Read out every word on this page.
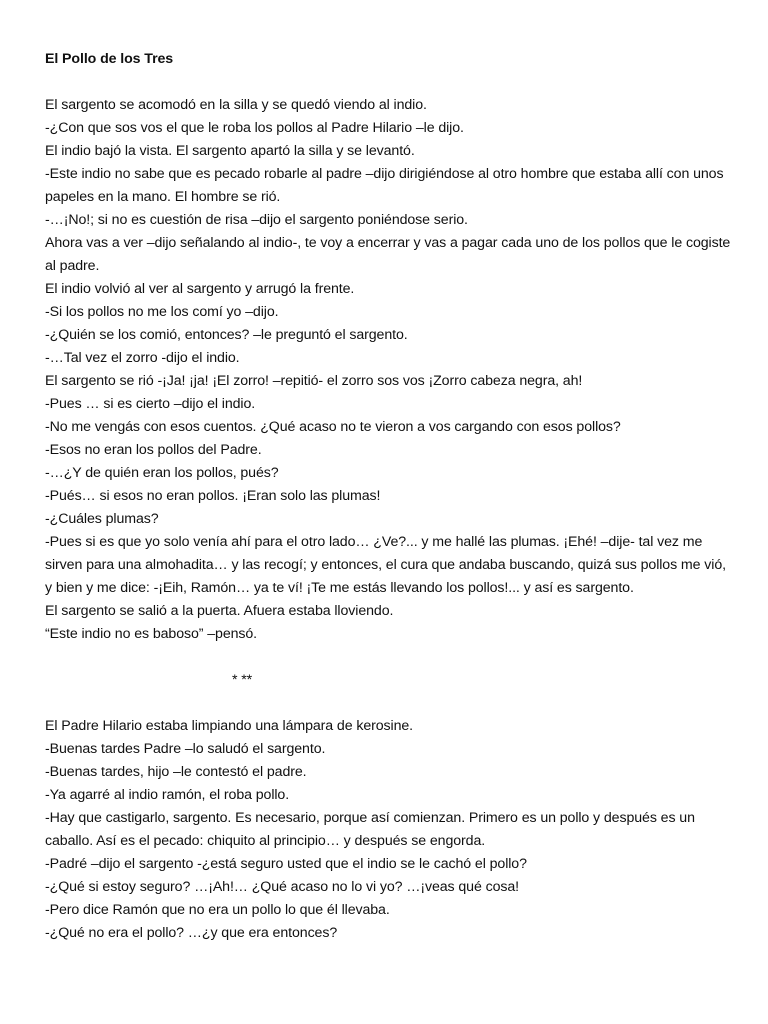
El Pollo de los Tres

El sargento se acomodó en la silla y se quedó viendo al indio.

-¿Con que sos vos el que le roba los pollos al Padre Hilario –le dijo.

El indio bajó la vista. El sargento apartó la silla y se levantó.

-Este indio no sabe que es pecado robarle al padre –dijo dirigiéndose al otro hombre que estaba allí con unos papeles en la mano. El hombre se rió.

-…¡No!; si no es cuestión de risa –dijo el sargento poniéndose serio.

Ahora vas a ver –dijo señalando al indio-, te voy a encerrar y vas a pagar cada uno de los pollos que le cogiste al padre.

El indio volvió al ver al sargento y arrugó la frente.

-Si los pollos no me los comí yo –dijo.

-¿Quién se los comió, entonces? –le preguntó el sargento.

-…Tal vez el zorro -dijo el indio.

El sargento se rió -¡Ja! ¡ja! ¡El zorro! –repitió- el zorro sos vos ¡Zorro cabeza negra, ah!

-Pues … si es cierto –dijo el indio.

-No me vengás con esos cuentos. ¿Qué acaso no te vieron a vos cargando con esos pollos?

-Esos no eran los pollos del Padre.

-…¿Y de quién eran los pollos, pués?

-Pués… si esos no eran pollos. ¡Eran solo las plumas!

-¿Cuáles plumas?

-Pues si es que yo solo venía ahí para el otro lado… ¿Ve?... y me hallé las plumas. ¡Ehé! –dije- tal vez me sirven para una almohadita… y las recogí; y entonces, el cura que andaba buscando, quizá sus pollos me vió, y bien y me dice: -¡Eih, Ramón… ya te ví! ¡Te me estás llevando los pollos!... y así es sargento.

El sargento se salió a la puerta. Afuera estaba lloviendo.

“Este indio no es baboso” –pensó.

* **

El Padre Hilario estaba limpiando una lámpara de kerosine.

-Buenas tardes Padre –lo saludó el sargento.

-Buenas tardes, hijo –le contestó el padre.

-Ya agarré al indio ramón, el roba pollo.

-Hay que castigarlo, sargento. Es necesario, porque así comienzan. Primero es un pollo y después es un caballo. Así es el pecado: chiquito al principio… y después se engorda.

-Padré –dijo el sargento -¿está seguro usted que el indio se le cachó el pollo?

-¿Qué si estoy seguro? …¡Ah!… ¿Qué acaso no lo vi yo? …¡veas qué cosa!

-Pero dice Ramón que no era un pollo lo que él llevaba.

-¿Qué no era el pollo? …¿y que era entonces?
